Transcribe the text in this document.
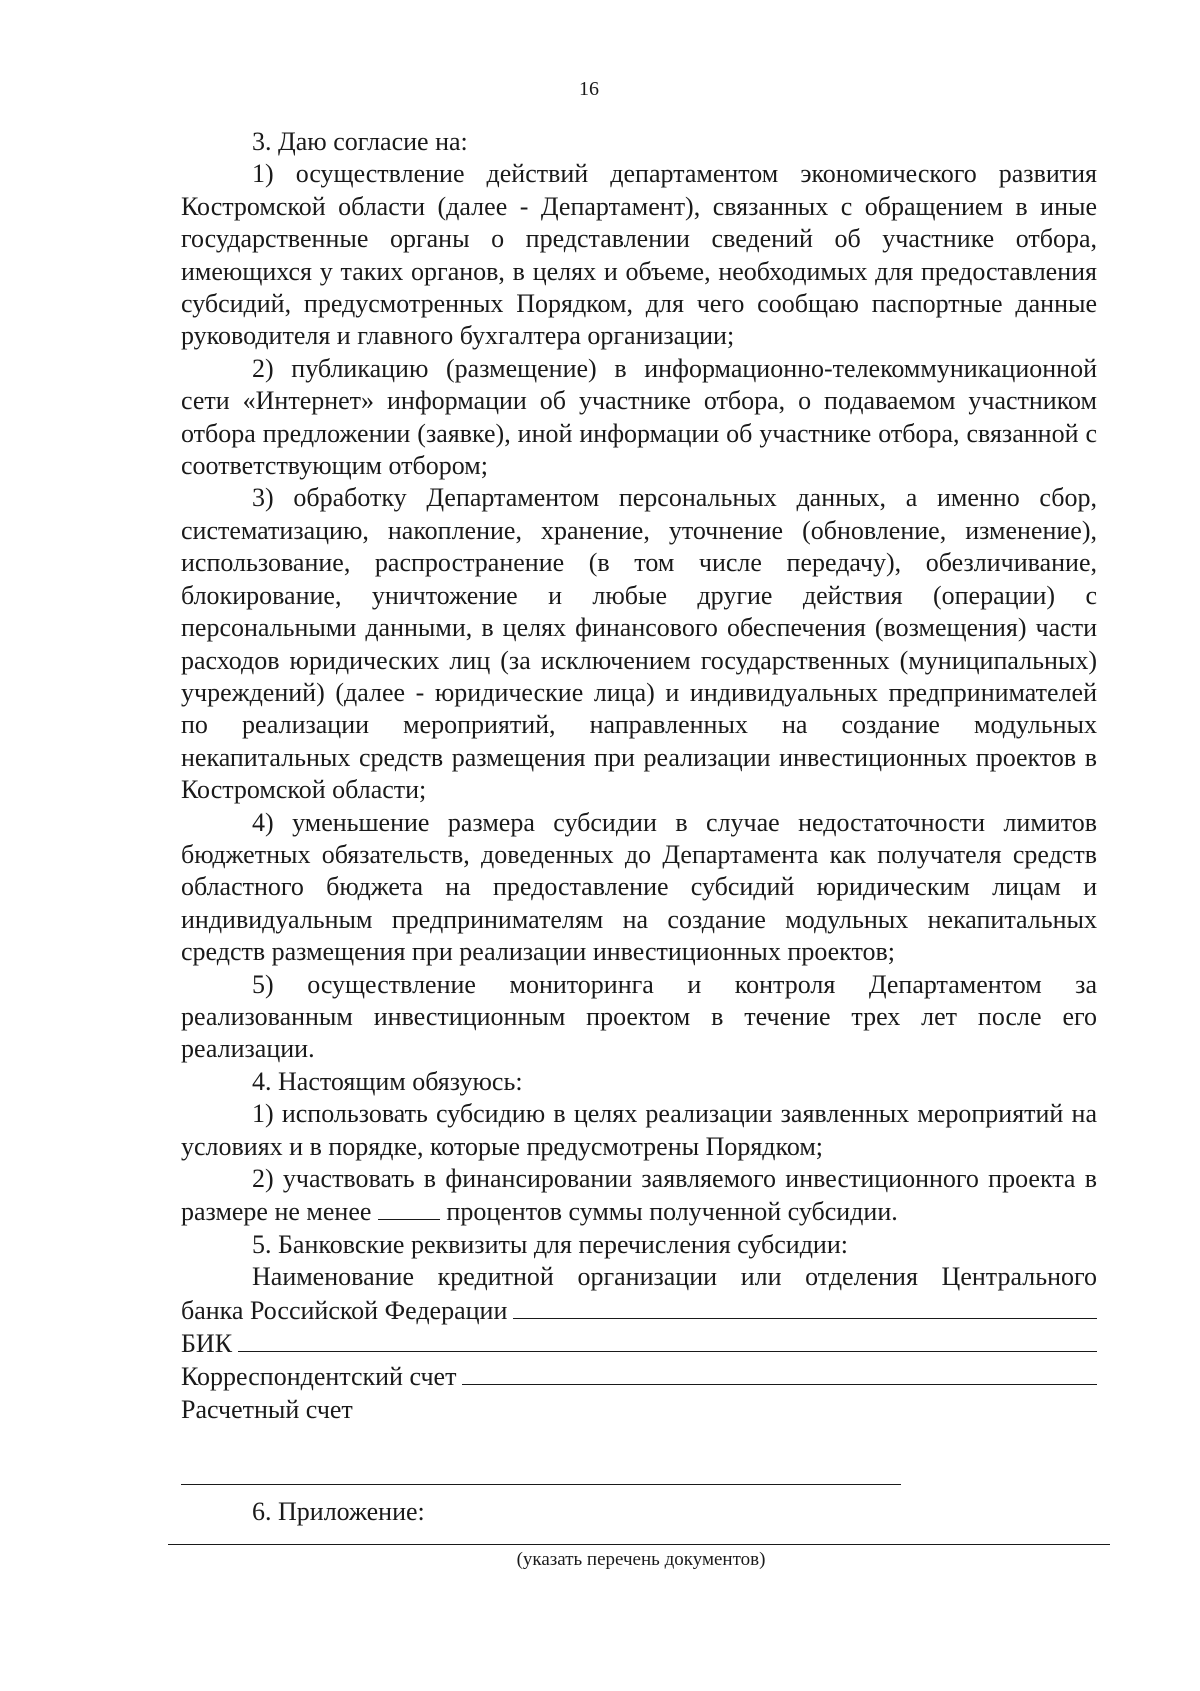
16

3. Даю согласие на:

1) осуществление действий департаментом экономического развития Костромской области (далее - Департамент), связанных с обращением в иные государственные органы о представлении сведений об участнике отбора, имеющихся у таких органов, в целях и объеме, необходимых для предоставления субсидий, предусмотренных Порядком, для чего сообщаю паспортные данные руководителя и главного бухгалтера организации;

2) публикацию (размещение) в информационно-телекоммуникационной сети «Интернет» информации об участнике отбора, о подаваемом участником отбора предложении (заявке), иной информации об участнике отбора, связанной с соответствующим отбором;

3) обработку Департаментом персональных данных, а именно сбор, систематизацию, накопление, хранение, уточнение (обновление, изменение), использование, распространение (в том числе передачу), обезличивание, блокирование, уничтожение и любые другие действия (операции) с персональными данными, в целях финансового обеспечения (возмещения) части расходов юридических лиц (за исключением государственных (муниципальных) учреждений) (далее - юридические лица) и индивидуальных предпринимателей по реализации мероприятий, направленных на создание модульных некапитальных средств размещения при реализации инвестиционных проектов в Костромской области;

4) уменьшение размера субсидии в случае недостаточности лимитов бюджетных обязательств, доведенных до Департамента как получателя средств областного бюджета на предоставление субсидий юридическим лицам и индивидуальным предпринимателям на создание модульных некапитальных средств размещения при реализации инвестиционных проектов;

5) осуществление мониторинга и контроля Департаментом за реализованным инвестиционным проектом в течение трех лет после его реализации.

4. Настоящим обязуюсь:

1) использовать субсидию в целях реализации заявленных мероприятий на условиях и в порядке, которые предусмотрены Порядком;

2) участвовать в финансировании заявляемого инвестиционного проекта в размере не менее	процентов суммы полученной субсидии.

5. Банковские реквизиты для перечисления субсидии:

Наименование кредитной организации или отделения Центрального

банка Российской Федерации
БИК
Корреспондентский счет
Расчетный счет
6. Приложение:
(указать перечень документов)
